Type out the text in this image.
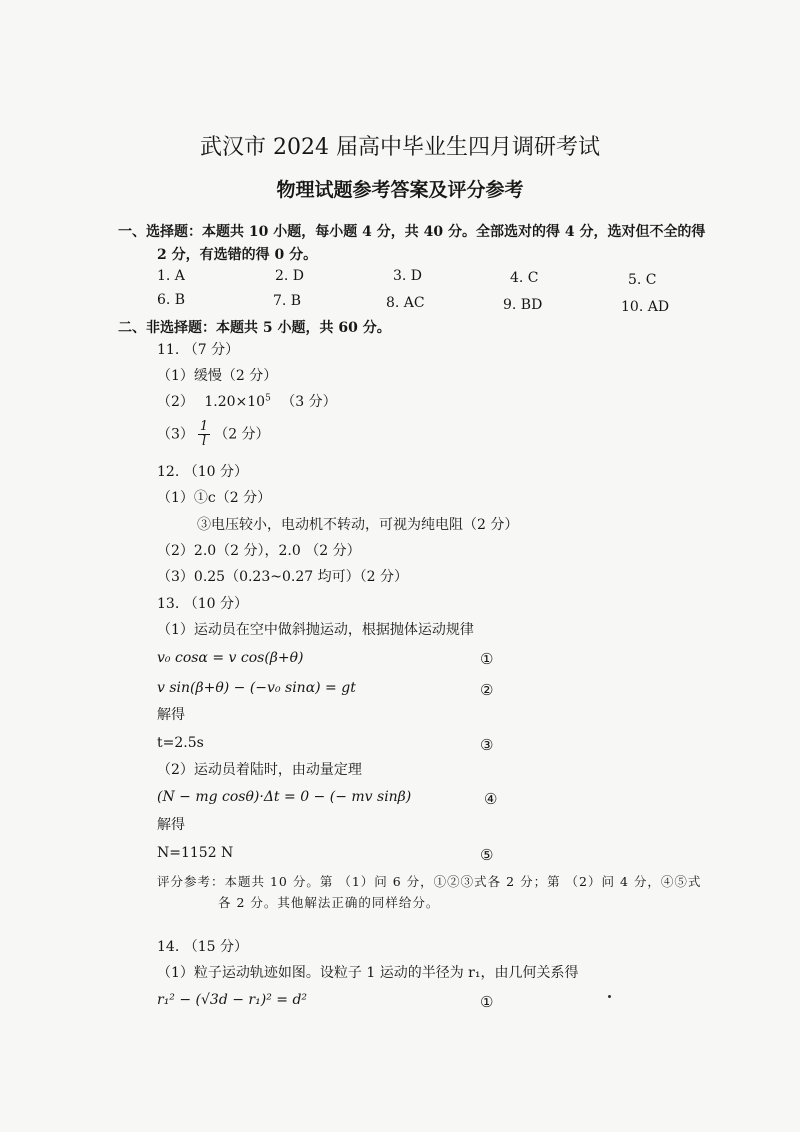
武汉市 2024 届高中毕业生四月调研考试
物理试题参考答案及评分参考
一、选择题：本题共 10 小题，每小题 4 分，共 40 分。全部选对的得 4 分，选对但不全的得
2 分，有选错的得 0 分。
1. A	2. D	3. D	4. C	5. C
6. B	7. B	8. AC	9. BD	10. AD
二、非选择题：本题共 5 小题，共 60 分。
11. （7 分）
（1）缓慢（2 分）
（2） $1.20\times 10^5$ （3 分）
$(3) \frac{1}{l} (2$ 分）
12. （10 分）
（1）①c（2 分）
③电压较小，电动机不转动，可视为纯电阻（2 分）
（2）2.0（2 分），2.0 （2 分）
（3）0.25（0.23~0.27 均可）（2 分）
13. （10 分）
（1）运动员在空中做斜抛运动，根据抛体运动规律
v₀ cosα = v cos(β+θ)	①
v sin(β+θ) − (−v₀ sinα) = gt	②
解得
t=2.5s	③
（2）运动员着陆时，由动量定理
(N − mg cosθ)·Δt = 0 − (− mv sinβ)	④
解得
N=1152 N	⑤
评分参考：本题共 10 分。第 （1）问 6 分，①②③式各 2 分；第 （2）问 4 分，④⑤式
各 2 分。其他解法正确的同样给分。
14. （15 分）
（1）粒子运动轨迹如图。设粒子 1 运动的半径为 r₁，由几何关系得
r₁² − (√3d − r₁)² = d²	①
